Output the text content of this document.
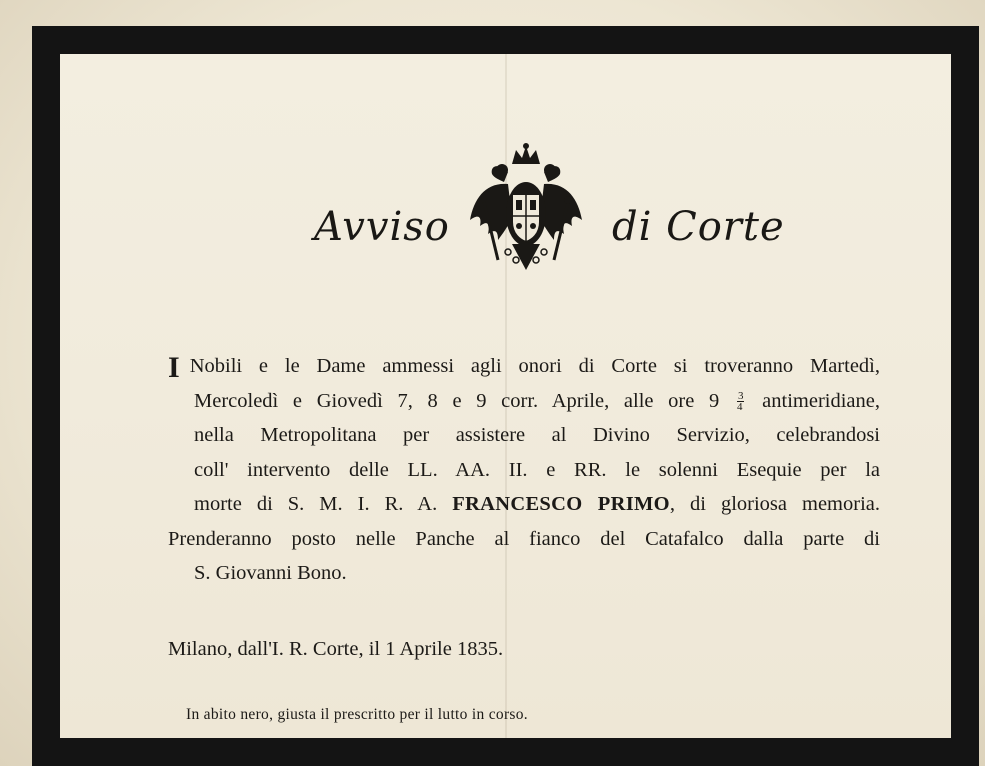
Avviso	di Corte
I Nobili e le Dame ammessi agli onori di Corte si troveranno Martedì,
Mercoledì e Giovedì 7, 8 e 9 corr. Aprile, alle ore $9 \frac{3}{4}$ antimeridiane,
nella Metropolitana per assistere al Divino Servizio, celebrandosi
coll' intervento delle LL. AA. II. e RR. le solenni Esequie per la
morte di S. M. I. R. A. FRANCESCO PRIMO, di gloriosa memoria.
Prenderanno posto nelle Panche al fianco del Catafalco dalla parte di
S. Giovanni Bono.
Milano, dall'I. R. Corte, il 1 Aprile 1835.
In abito nero, giusta il prescritto per il lutto in corso.
